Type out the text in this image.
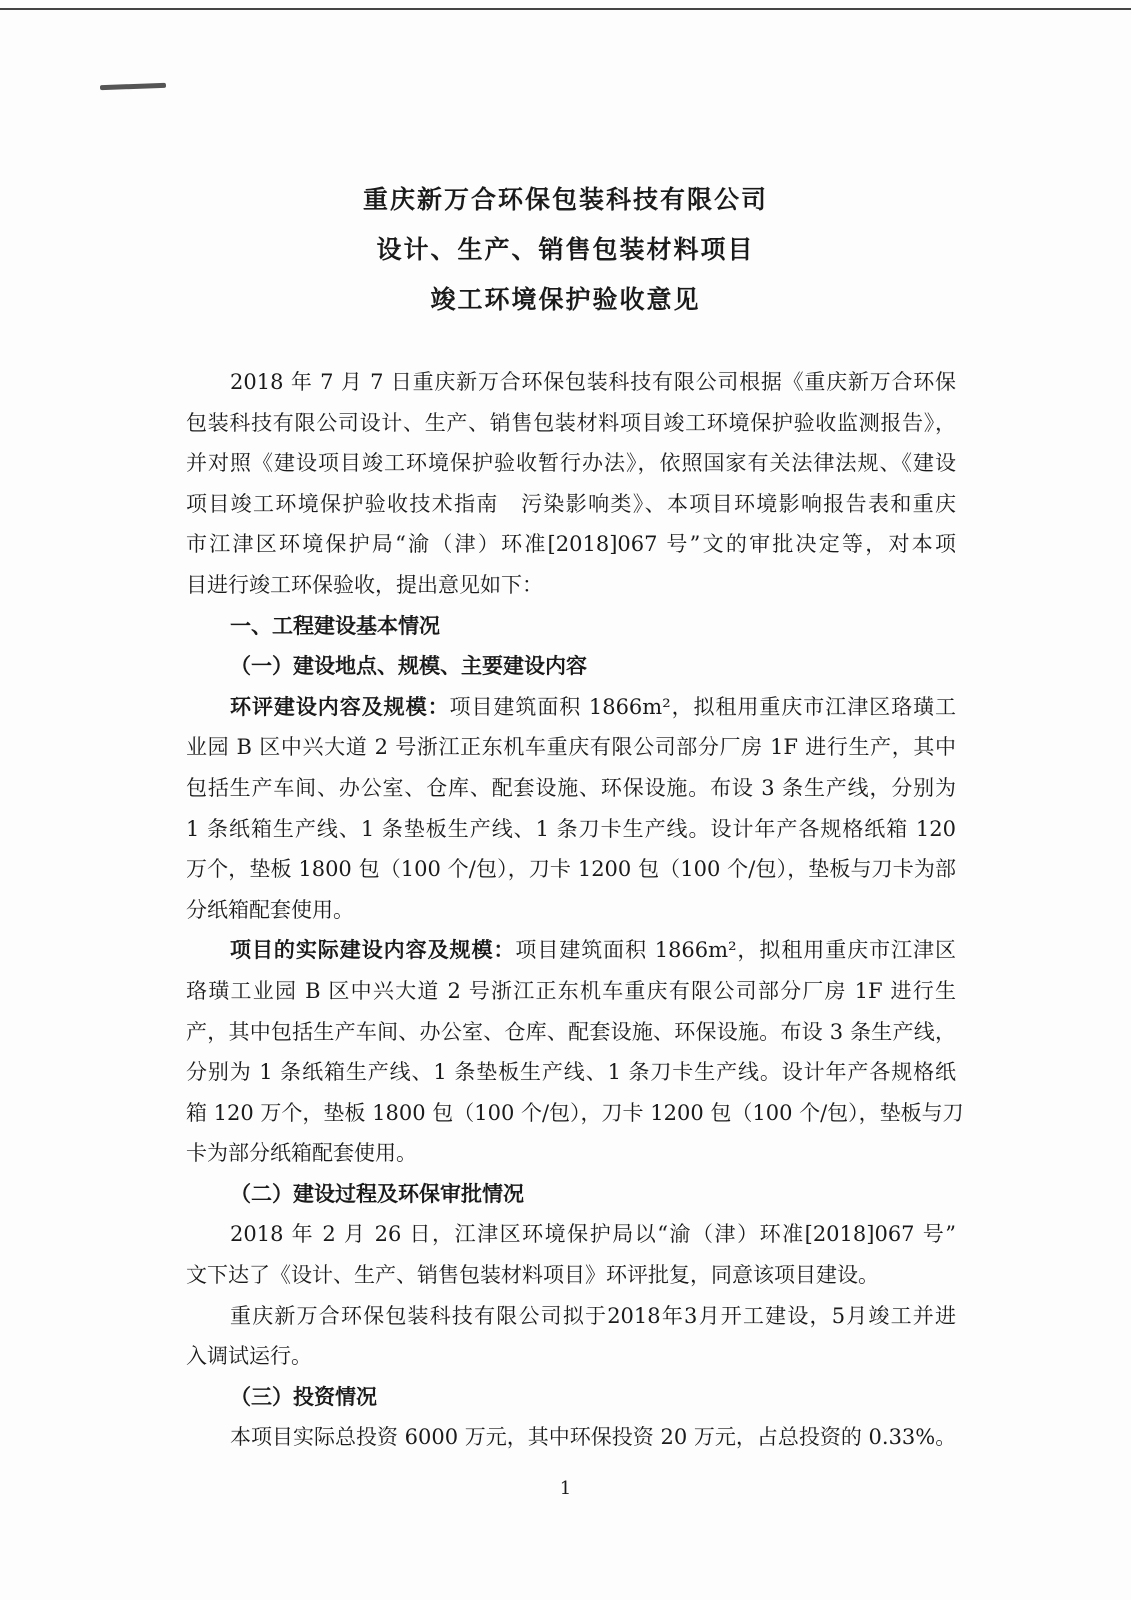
重庆新万合环保包装科技有限公司
设计、生产、销售包装材料项目
竣工环境保护验收意见
2018 年 7 月 7 日重庆新万合环保包装科技有限公司根据《重庆新万合环保
包装科技有限公司设计、生产、销售包装材料项目竣工环境保护验收监测报告》，
并对照《建设项目竣工环境保护验收暂行办法》，依照国家有关法律法规、《建设
项目竣工环境保护验收技术指南　污染影响类》、本项目环境影响报告表和重庆
市江津区环境保护局“渝（津）环准[2018]067 号”文的审批决定等，对本项
目进行竣工环保验收，提出意见如下：
一、工程建设基本情况
（一）建设地点、规模、主要建设内容
环评建设内容及规模：项目建筑面积 1866m²，拟租用重庆市江津区珞璜工
业园 B 区中兴大道 2 号浙江正东机车重庆有限公司部分厂房 1F 进行生产，其中
包括生产车间、办公室、仓库、配套设施、环保设施。布设 3 条生产线，分别为
1 条纸箱生产线、1 条垫板生产线、1 条刀卡生产线。设计年产各规格纸箱 120
万个，垫板 1800 包（100 个/包），刀卡 1200 包（100 个/包），垫板与刀卡为部
分纸箱配套使用。
项目的实际建设内容及规模：项目建筑面积 1866m²，拟租用重庆市江津区
珞璜工业园 B 区中兴大道 2 号浙江正东机车重庆有限公司部分厂房 1F 进行生
产，其中包括生产车间、办公室、仓库、配套设施、环保设施。布设 3 条生产线，
分别为 1 条纸箱生产线、1 条垫板生产线、1 条刀卡生产线。设计年产各规格纸
箱 120 万个，垫板 1800 包（100 个/包），刀卡 1200 包（100 个/包），垫板与刀
卡为部分纸箱配套使用。
（二）建设过程及环保审批情况
2018 年 2 月 26 日，江津区环境保护局以“渝（津）环准[2018]067 号”
文下达了《设计、生产、销售包装材料项目》环评批复，同意该项目建设。
重庆新万合环保包装科技有限公司拟于2018年3月开工建设，5月竣工并进
入调试运行。
（三）投资情况
本项目实际总投资 6000 万元，其中环保投资 20 万元，占总投资的 0.33%。
1
